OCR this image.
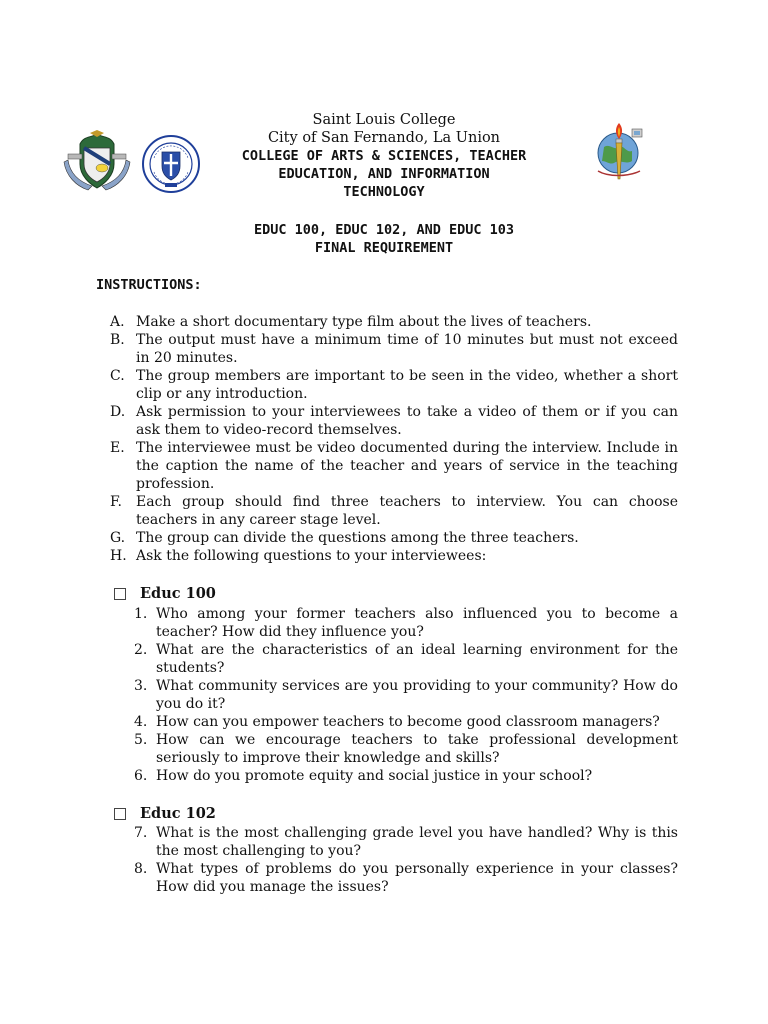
Saint Louis College
City of San Fernando, La Union
COLLEGE OF ARTS & SCIENCES, TEACHER
EDUCATION, AND INFORMATION
TECHNOLOGY
EDUC 100, EDUC 102, AND EDUC 103
FINAL REQUIREMENT
INSTRUCTIONS:
A. Make a short documentary type film about the lives of teachers.
B. The output must have a minimum time of 10 minutes but must not exceed in 20 minutes.
C. The group members are important to be seen in the video, whether a short clip or any introduction.
D. Ask permission to your interviewees to take a video of them or if you can ask them to video-record themselves.
E. The interviewee must be video documented during the interview. Include in the caption the name of the teacher and years of service in the teaching profession.
F.	Each group should find three teachers to interview. You can choose teachers in any career stage level.
G. The group can divide the questions among the three teachers.
H. Ask the following questions to your interviewees:
Educ 100
1. Who among your former teachers also influenced you to become a teacher? How did they influence you?
2. What are the characteristics of an ideal learning environment for the students?
3. What community services are you providing to your community? How do you do it?
4. How can you empower teachers to become good classroom managers?
5. How can we encourage teachers to take professional development seriously to improve their knowledge and skills?
6. How do you promote equity and social justice in your school?
Educ 102
7. What is the most challenging grade level you have handled? Why is this the most challenging to you?
8. What types of problems do you personally experience in your classes? How did you manage the issues?
